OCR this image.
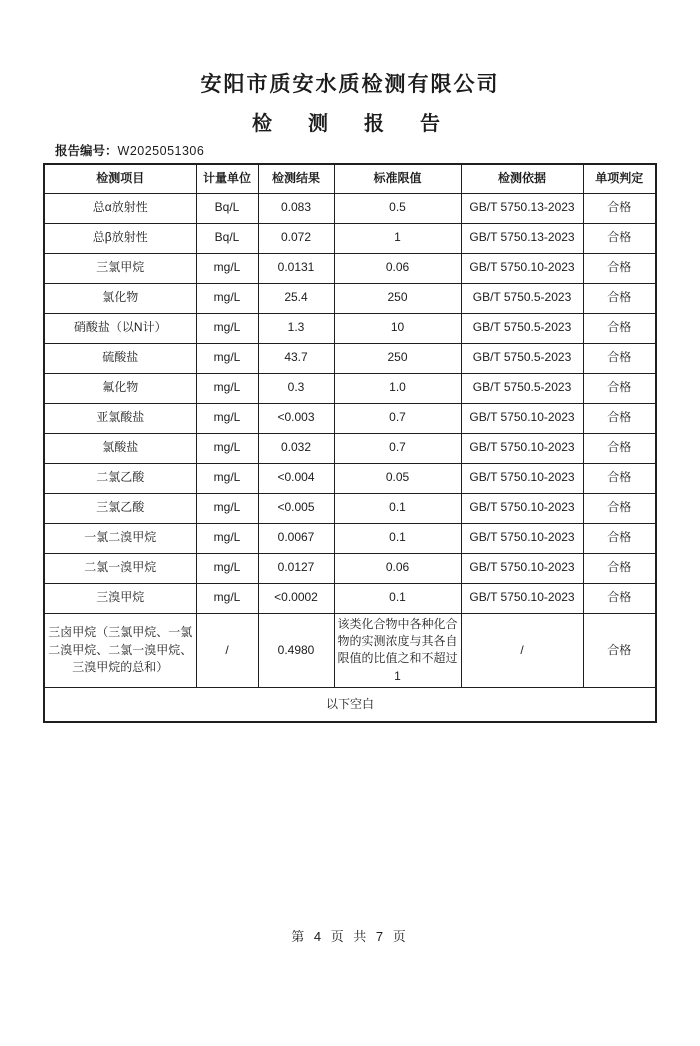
安阳市质安水质检测有限公司
检　测　报　告
报告编号：W2025051306
检测项目	计量单位	检测结果	标准限值	检测依据	单项判定
总α放射性	Bq/L	0.083	0.5	GB/T 5750.13-2023	合格
总β放射性	Bq/L	0.072	1	GB/T 5750.13-2023	合格
三氯甲烷	mg/L	0.0131	0.06	GB/T 5750.10-2023	合格
氯化物	mg/L	25.4	250	GB/T 5750.5-2023	合格
硝酸盐（以N计）	mg/L	1.3	10	GB/T 5750.5-2023	合格
硫酸盐	mg/L	43.7	250	GB/T 5750.5-2023	合格
氟化物	mg/L	0.3	1.0	GB/T 5750.5-2023	合格
亚氯酸盐	mg/L	<0.003	0.7	GB/T 5750.10-2023	合格
氯酸盐	mg/L	0.032	0.7	GB/T 5750.10-2023	合格
二氯乙酸	mg/L	<0.004	0.05	GB/T 5750.10-2023	合格
三氯乙酸	mg/L	<0.005	0.1	GB/T 5750.10-2023	合格
一氯二溴甲烷	mg/L	0.0067	0.1	GB/T 5750.10-2023	合格
二氯一溴甲烷	mg/L	0.0127	0.06	GB/T 5750.10-2023	合格
三溴甲烷	mg/L	<0.0002	0.1	GB/T 5750.10-2023	合格
三卤甲烷（三氯甲烷、一氯二溴甲烷、二氯一溴甲烷、三溴甲烷的总和）	/	0.4980	该类化合物中各种化合物的实测浓度与其各自限值的比值之和不超过1	/	合格
以下空白					
第 4 页 共 7 页
